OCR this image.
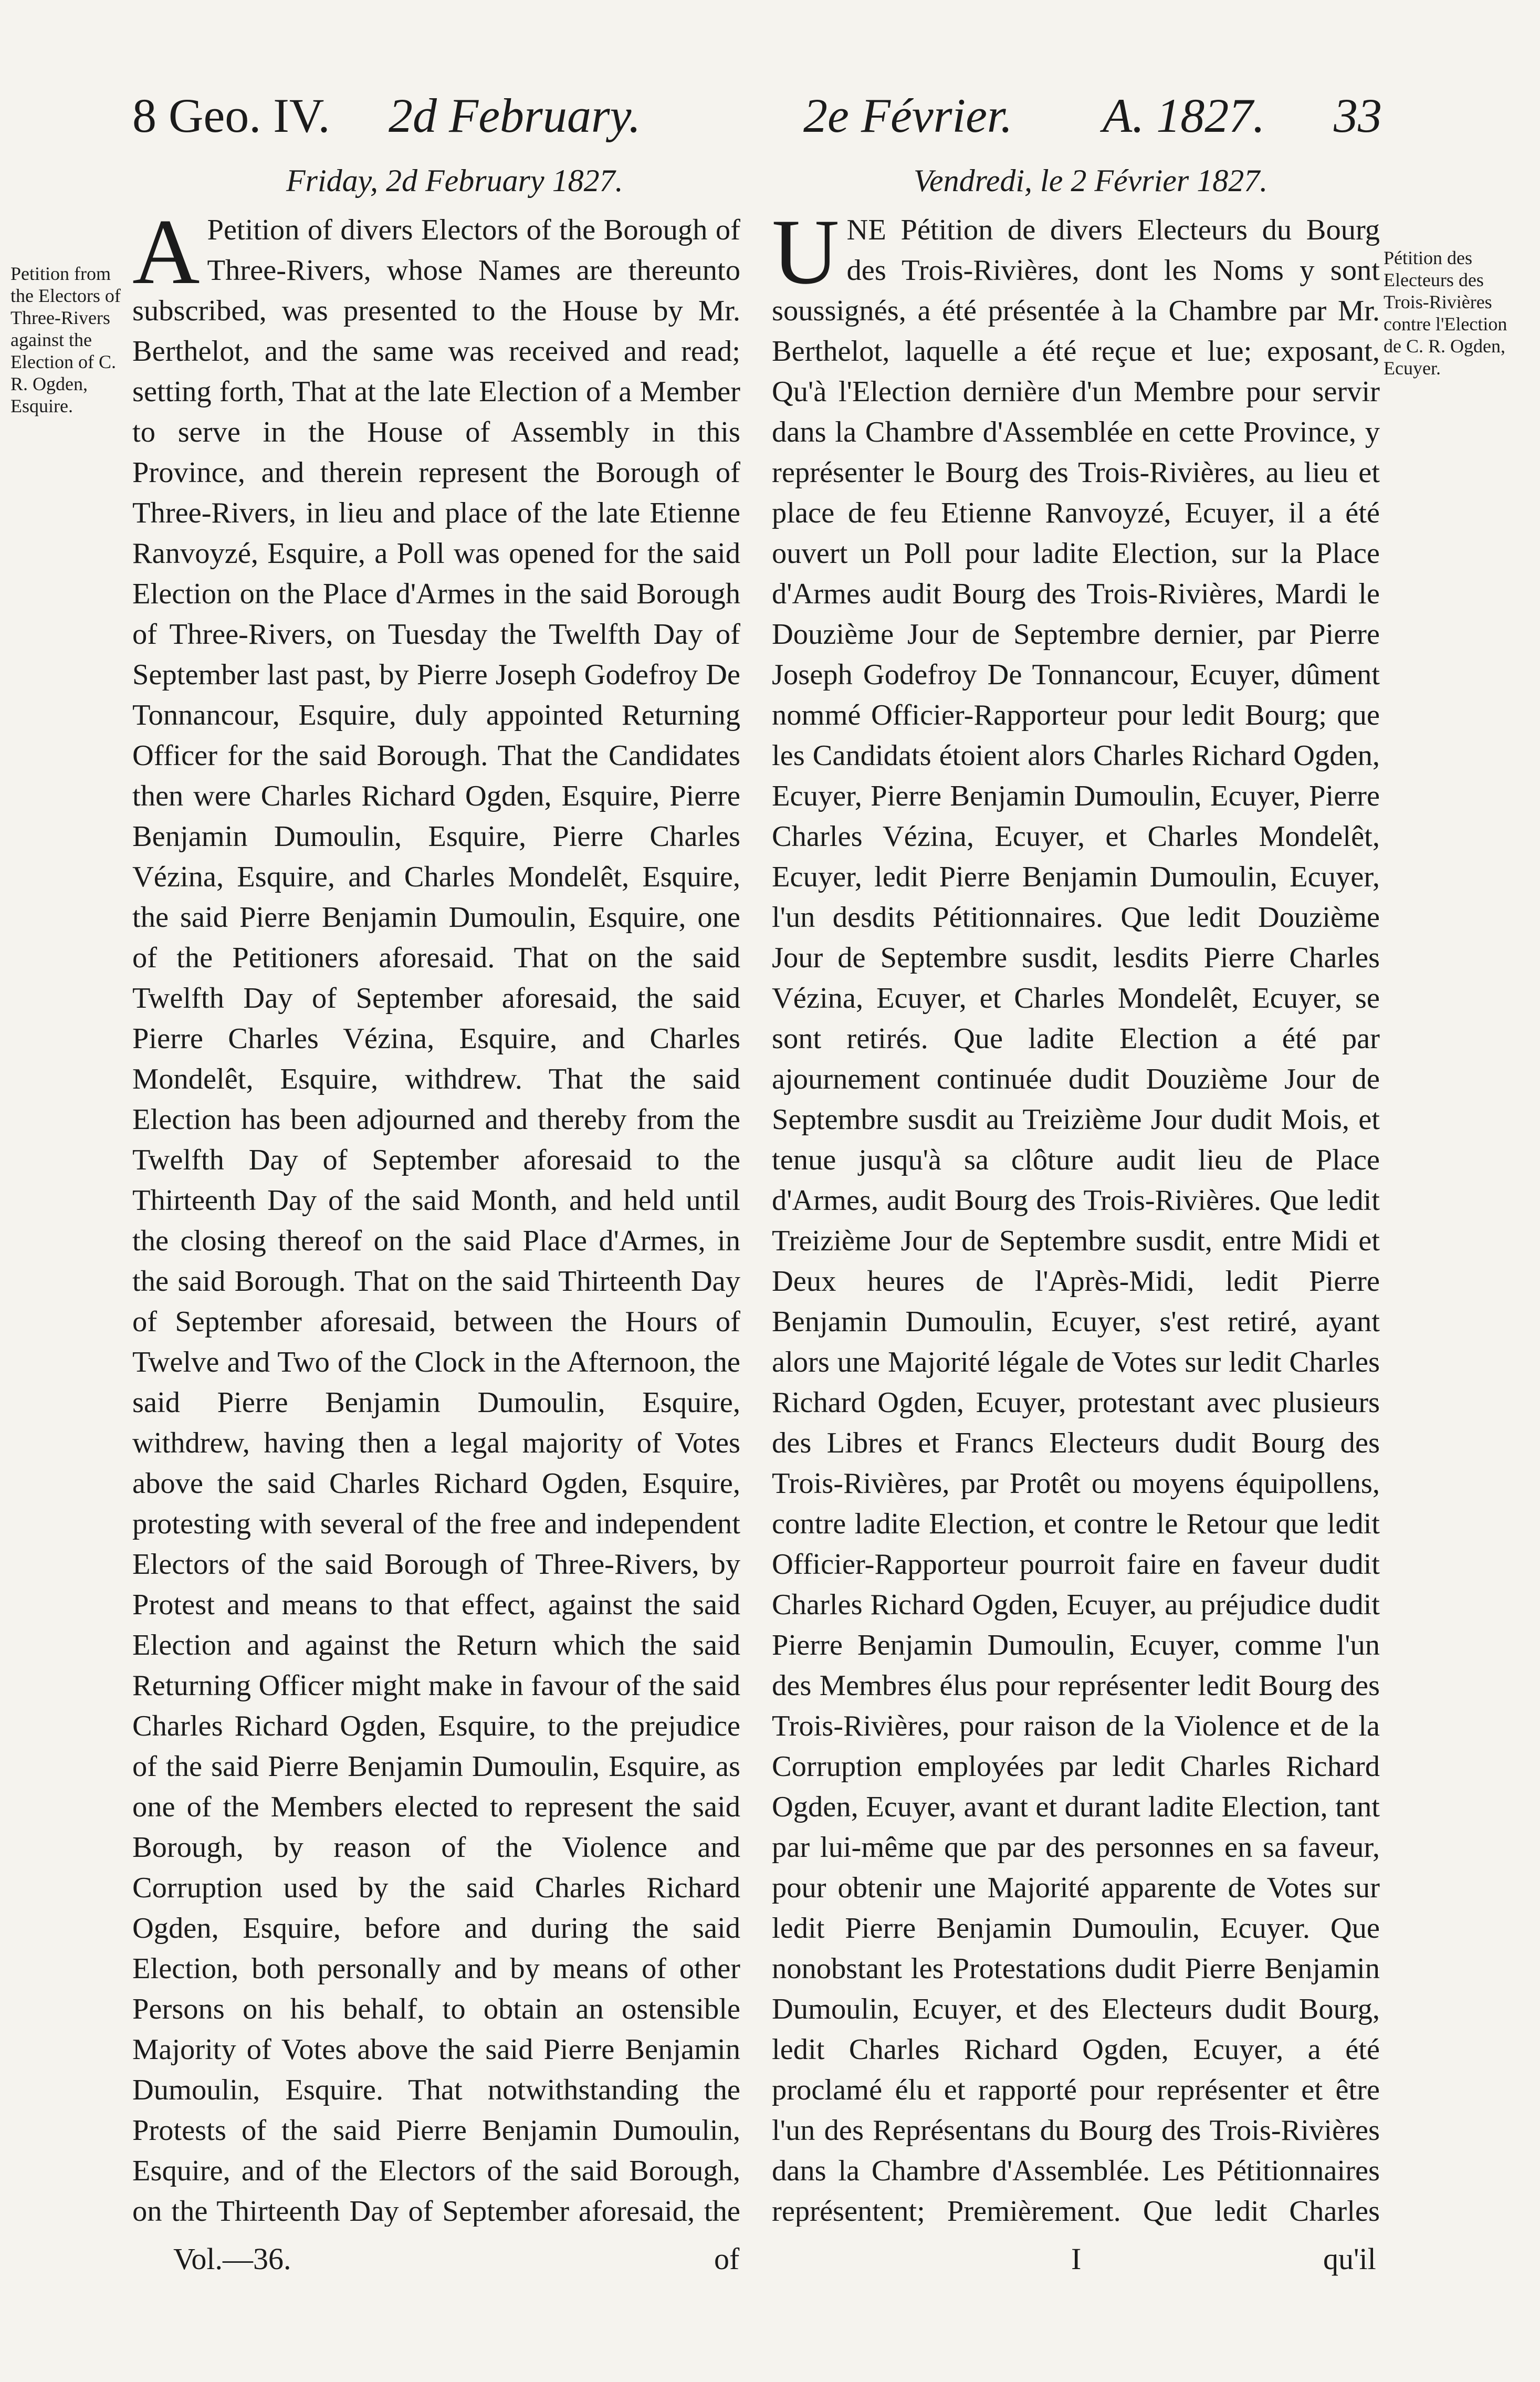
8 Geo. IV. 2d February.	2e Février. A. 1827. 33
Friday, 2d February 1827.	Vendredi, le 2 Février 1827.
Petition from the Electors of Three-Rivers against the Election of C. R. Ogden, Esquire.
Pétition des Electeurs des Trois-Rivières contre l'Election de C. R. Ogden, Ecuyer.

A Petition of divers Electors of the Borough of Three-Rivers, whose Names are thereunto subscribed, was presented to the House by Mr. Berthelot, and the same was received and read; setting forth, That at the late Election of a Member to serve in the House of Assembly in this Province, and therein represent the Borough of Three-Rivers, in lieu and place of the late Etienne Ranvoyzé, Esquire, a Poll was opened for the said Election on the Place d'Armes in the said Borough of Three-Rivers, on Tuesday the Twelfth Day of September last past, by Pierre Joseph Godefroy De Tonnancour, Esquire, duly appointed Returning Officer for the said Borough. That the Candidates then were Charles Richard Ogden, Esquire, Pierre Benjamin Dumoulin, Esquire, Pierre Charles Vézina, Esquire, and Charles Mondelêt, Esquire, the said Pierre Benjamin Dumoulin, Esquire, one of the Petitioners aforesaid. That on the said Twelfth Day of September aforesaid, the said Pierre Charles Vézina, Esquire, and Charles Mondelêt, Esquire, withdrew. That the said Election has been adjourned and thereby from the Twelfth Day of September aforesaid to the Thirteenth Day of the said Month, and held until the closing thereof on the said Place d'Armes, in the said Borough. That on the said Thirteenth Day of September aforesaid, between the Hours of Twelve and Two of the Clock in the Afternoon, the said Pierre Benjamin Dumoulin, Esquire, withdrew, having then a legal majority of Votes above the said Charles Richard Ogden, Esquire, protesting with several of the free and independent Electors of the said Borough of Three-Rivers, by Protest and means to that effect, against the said Election and against the Return which the said Returning Officer might make in favour of the said Charles Richard Ogden, Esquire, to the prejudice of the said Pierre Benjamin Dumoulin, Esquire, as one of the Members elected to represent the said Borough, by reason of the Violence and Corruption used by the said Charles Richard Ogden, Esquire, before and during the said Election, both personally and by means of other Persons on his behalf, to obtain an ostensible Majority of Votes above the said Pierre Benjamin Dumoulin, Esquire. That notwithstanding the Protests of the said Pierre Benjamin Dumoulin, Esquire, and of the Electors of the said Borough, on the Thirteenth Day of September aforesaid, the

UNE Pétition de divers Electeurs du Bourg des Trois-Rivières, dont les Noms y sont soussignés, a été présentée à la Chambre par Mr. Berthelot, laquelle a été reçue et lue; exposant, Qu'à l'Election dernière d'un Membre pour servir dans la Chambre d'Assemblée en cette Province, y représenter le Bourg des Trois-Rivières, au lieu et place de feu Etienne Ranvoyzé, Ecuyer, il a été ouvert un Poll pour ladite Election, sur la Place d'Armes audit Bourg des Trois-Rivières, Mardi le Douzième Jour de Septembre dernier, par Pierre Joseph Godefroy De Tonnancour, Ecuyer, dûment nommé Officier-Rapporteur pour ledit Bourg; que les Candidats étoient alors Charles Richard Ogden, Ecuyer, Pierre Benjamin Dumoulin, Ecuyer, Pierre Charles Vézina, Ecuyer, et Charles Mondelêt, Ecuyer, ledit Pierre Benjamin Dumoulin, Ecuyer, l'un desdits Pétitionnaires. Que ledit Douzième Jour de Septembre susdit, lesdits Pierre Charles Vézina, Ecuyer, et Charles Mondelêt, Ecuyer, se sont retirés. Que ladite Election a été par ajournement continuée dudit Douzième Jour de Septembre susdit au Treizième Jour dudit Mois, et tenue jusqu'à sa clôture audit lieu de Place d'Armes, audit Bourg des Trois-Rivières. Que ledit Treizième Jour de Septembre susdit, entre Midi et Deux heures de l'Après-Midi, ledit Pierre Benjamin Dumoulin, Ecuyer, s'est retiré, ayant alors une Majorité légale de Votes sur ledit Charles Richard Ogden, Ecuyer, protestant avec plusieurs des Libres et Francs Electeurs dudit Bourg des Trois-Rivières, par Protêt ou moyens équipollens, contre ladite Election, et contre le Retour que ledit Officier-Rapporteur pourroit faire en faveur dudit Charles Richard Ogden, Ecuyer, au préjudice dudit Pierre Benjamin Dumoulin, Ecuyer, comme l'un des Membres élus pour représenter ledit Bourg des Trois-Rivières, pour raison de la Violence et de la Corruption employées par ledit Charles Richard Ogden, Ecuyer, avant et durant ladite Election, tant par lui-même que par des personnes en sa faveur, pour obtenir une Majorité apparente de Votes sur ledit Pierre Benjamin Dumoulin, Ecuyer. Que nonobstant les Protestations dudit Pierre Benjamin Dumoulin, Ecuyer, et des Electeurs dudit Bourg, ledit Charles Richard Ogden, Ecuyer, a été proclamé élu et rapporté pour représenter et être l'un des Représentans du Bourg des Trois-Rivières dans la Chambre d'Assemblée. Les Pétitionnaires représentent; Premièrement. Que ledit Charles

Vol.—36.	of	I	qu'il
